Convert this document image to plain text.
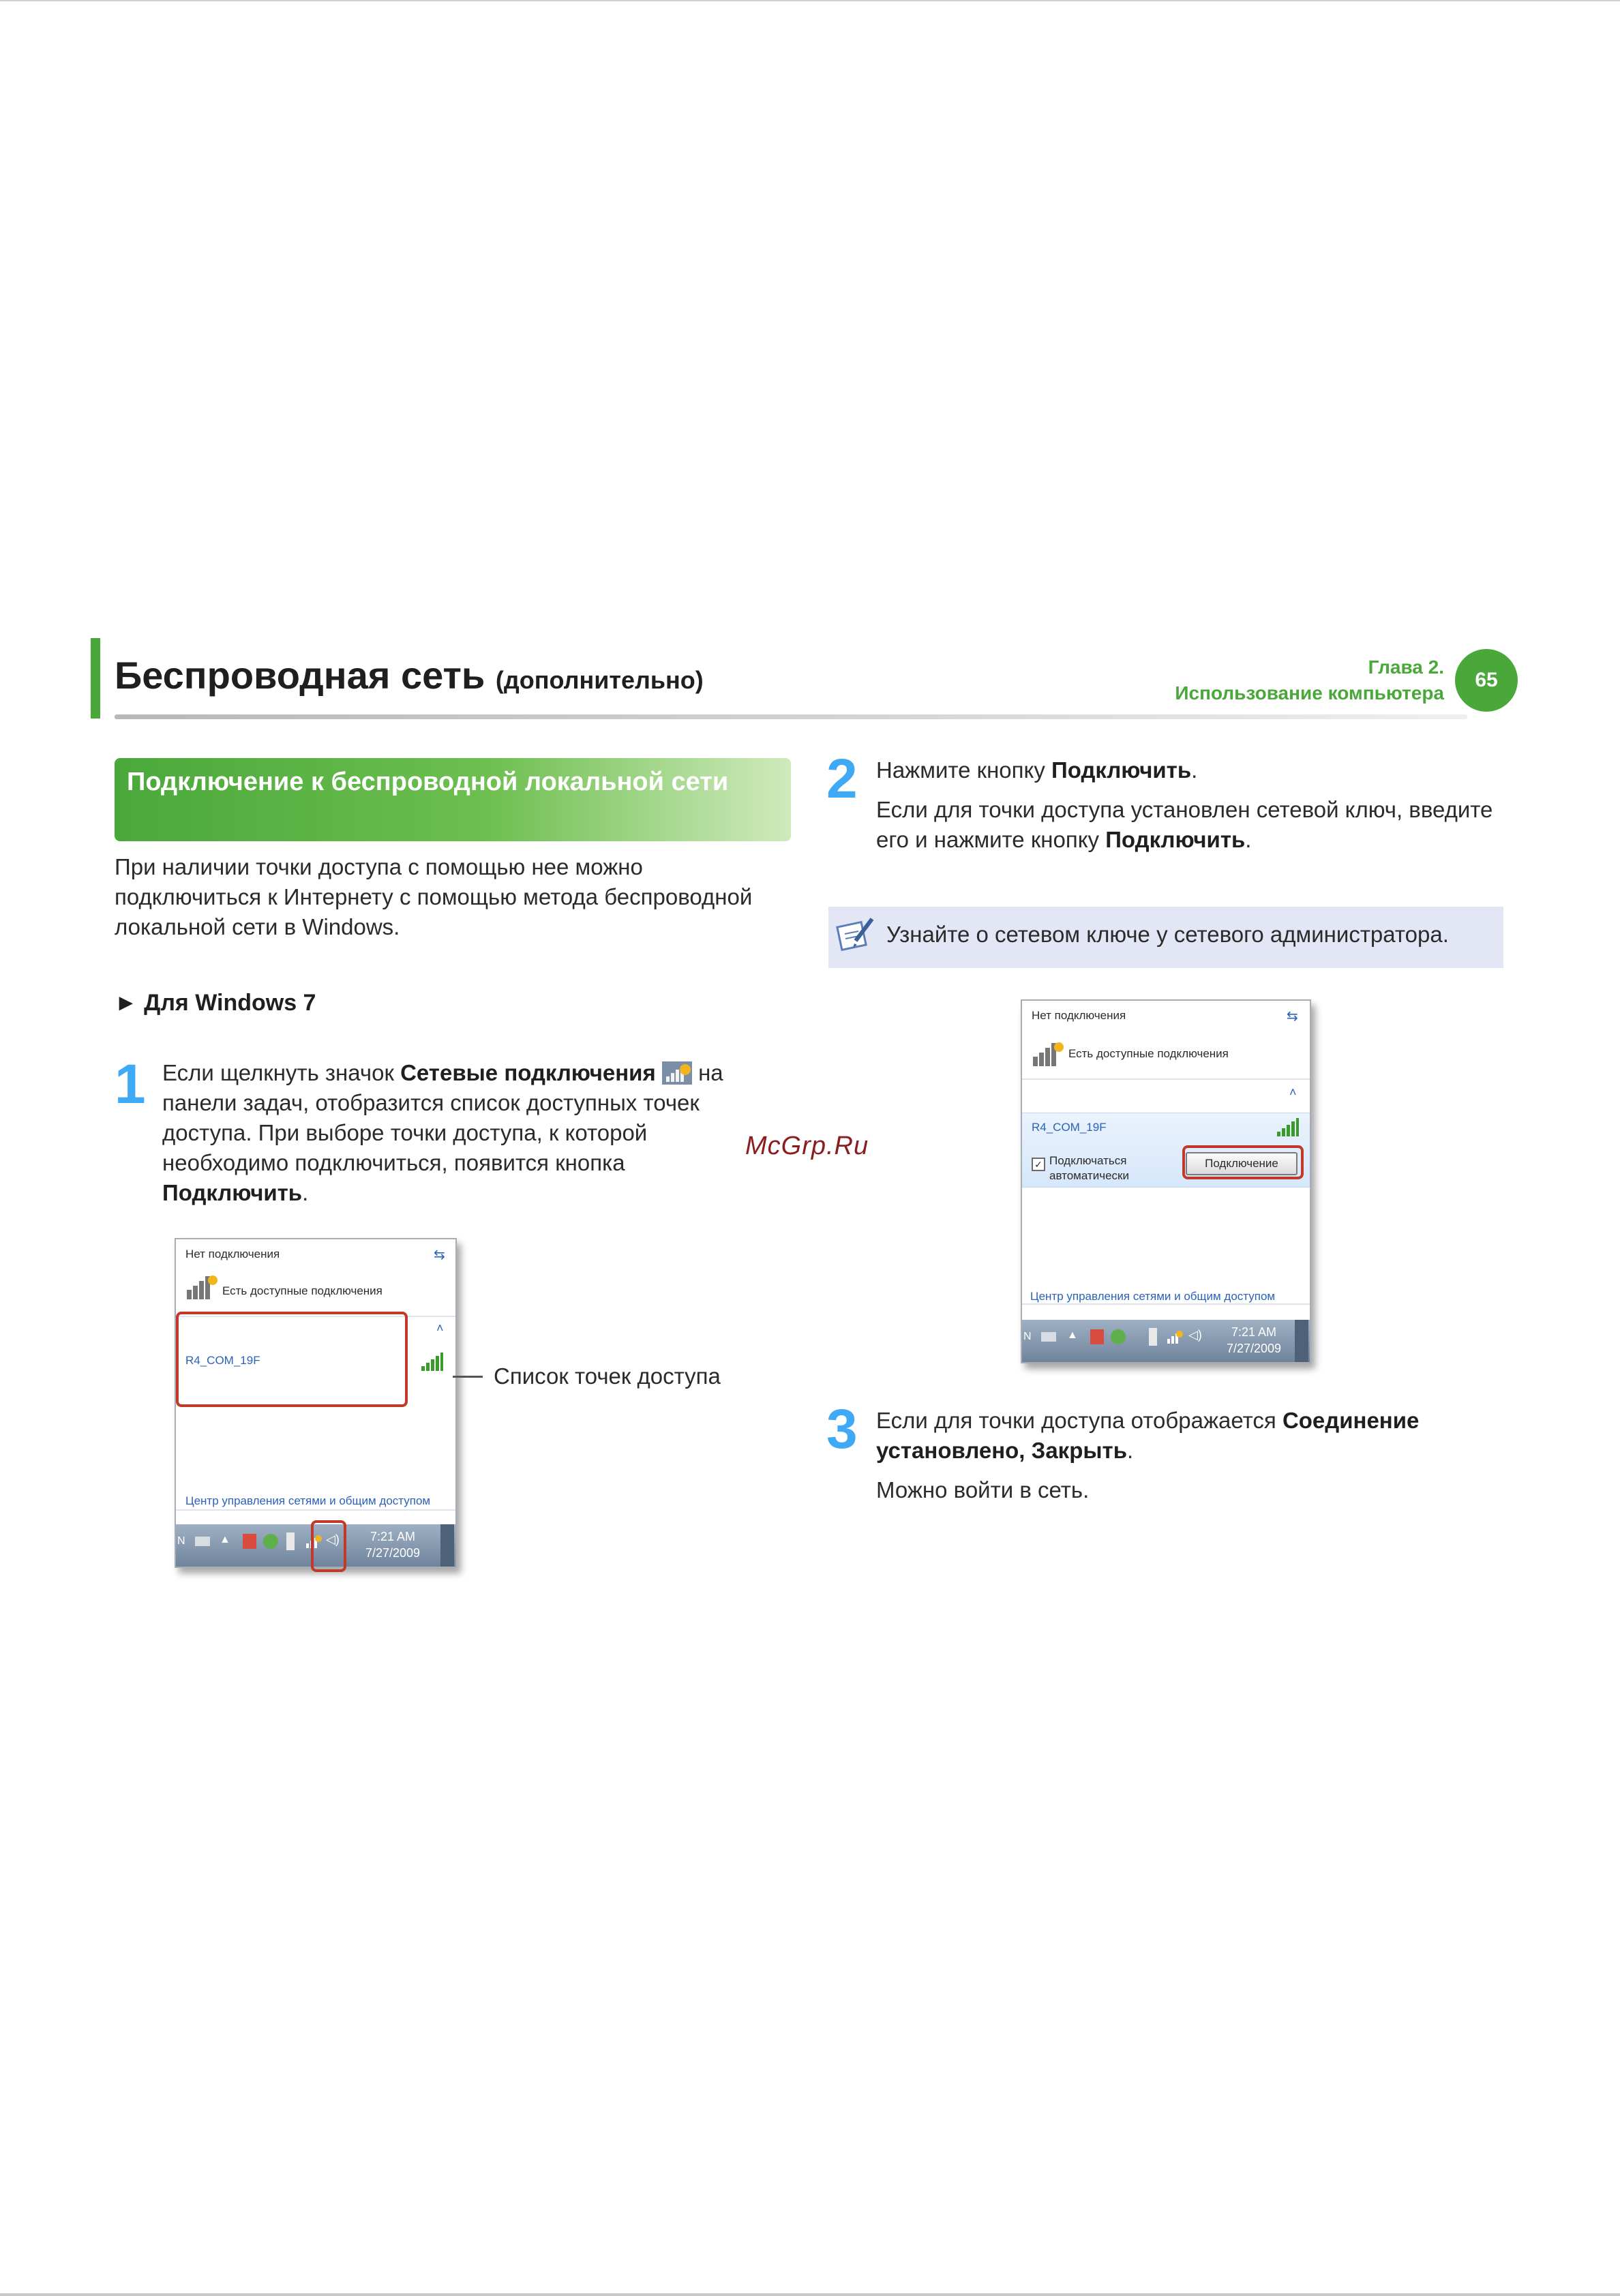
Беспроводная сеть (дополнительно)	Глава 2.
Использование компьютера
65
Подключение к беспроводной локальной сети
При наличии точки доступа с помощью нее можно подключиться к Интернету с помощью метода беспроводной локальной сети в Windows.
► Для Windows 7
1 Если щелкнуть значок Сетевые подключения  на панели задач, отобразится список доступных точек доступа. При выборе точки доступа, к которой необходимо подключиться, появится кнопка Подключить.
Нет подключения	⇆
Есть доступные подключения
˄
R4_COM_19F
Центр управления сетями и общим доступом
N	▲	◁)	7:21 AM
7/27/2009
Список точек доступа
McGrp.Ru
2 Нажмите кнопку Подключить.
Если для точки доступа установлен сетевой ключ, введите его и нажмите кнопку Подключить.
Узнайте о сетевом ключе у сетевого администратора.
Нет подключения	⇆
Есть доступные подключения
˄
R4_COM_19F
✓ Подключаться
автоматически
Подключение
Центр управления сетями и общим доступом
N	▲	◁)	7:21 AM
7/27/2009
3 Если для точки доступа отображается Соединение установлено, Закрыть.
Можно войти в сеть.
